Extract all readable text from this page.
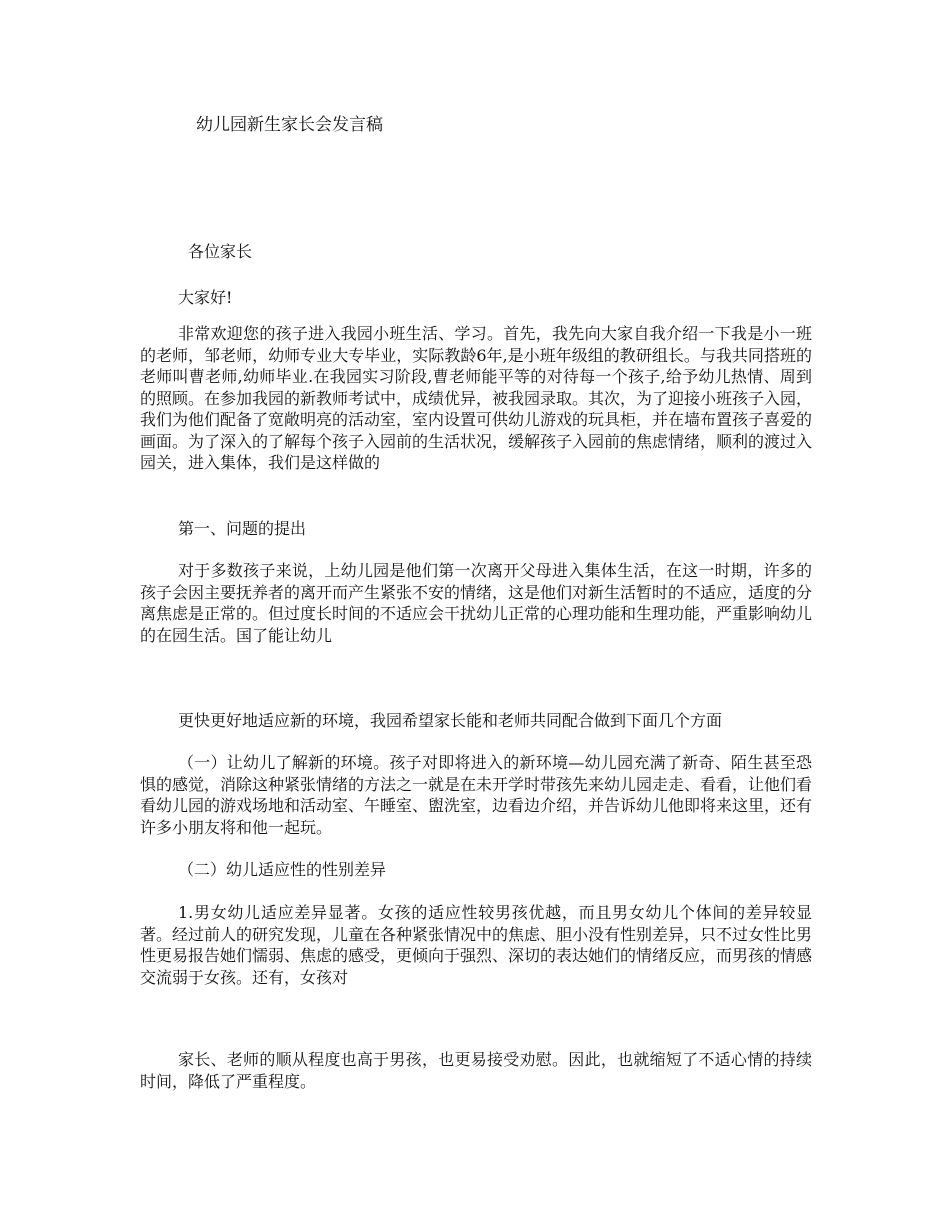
幼儿园新生家长会发言稿
各位家长
大家好!
非常欢迎您的孩子进入我园小班生活、学习。首先，我先向大家自我介绍一下我是小一班的老师，邹老师，幼师专业大专毕业，实际教龄6年,是小班年级组的教研组长。与我共同搭班的老师叫曹老师,幼师毕业.在我园实习阶段,曹老师能平等的对待每一个孩子,给予幼儿热情、周到的照顾。在参加我园的新教师考试中，成绩优异，被我园录取。其次，为了迎接小班孩子入园，我们为他们配备了宽敞明亮的活动室，室内设置可供幼儿游戏的玩具柜，并在墙布置孩子喜爱的画面。为了深入的了解每个孩子入园前的生活状况，缓解孩子入园前的焦虑情绪，顺利的渡过入园关，进入集体，我们是这样做的
第一、问题的提出
对于多数孩子来说，上幼儿园是他们第一次离开父母进入集体生活，在这一时期，许多的孩子会因主要抚养者的离开而产生紧张不安的情绪，这是他们对新生活暂时的不适应，适度的分离焦虑是正常的。但过度长时间的不适应会干扰幼儿正常的心理功能和生理功能，严重影响幼儿的在园生活。国了能让幼儿
更快更好地适应新的环境，我园希望家长能和老师共同配合做到下面几个方面
（一）让幼儿了解新的环境。孩子对即将进入的新环境—幼儿园充满了新奇、陌生甚至恐惧的感觉，消除这种紧张情绪的方法之一就是在未开学时带孩先来幼儿园走走、看看，让他们看看幼儿园的游戏场地和活动室、午睡室、盥洗室，边看边介绍，并告诉幼儿他即将来这里，还有许多小朋友将和他一起玩。
（二）幼儿适应性的性别差异
1.男女幼儿适应差异显著。女孩的适应性较男孩优越，而且男女幼儿个体间的差异较显著。经过前人的研究发现，儿童在各种紧张情况中的焦虑、胆小没有性别差异，只不过女性比男性更易报告她们懦弱、焦虑的感受，更倾向于强烈、深切的表达她们的情绪反应，而男孩的情感交流弱于女孩。还有，女孩对
家长、老师的顺从程度也高于男孩，也更易接受劝慰。因此，也就缩短了不适心情的持续时间，降低了严重程度。
